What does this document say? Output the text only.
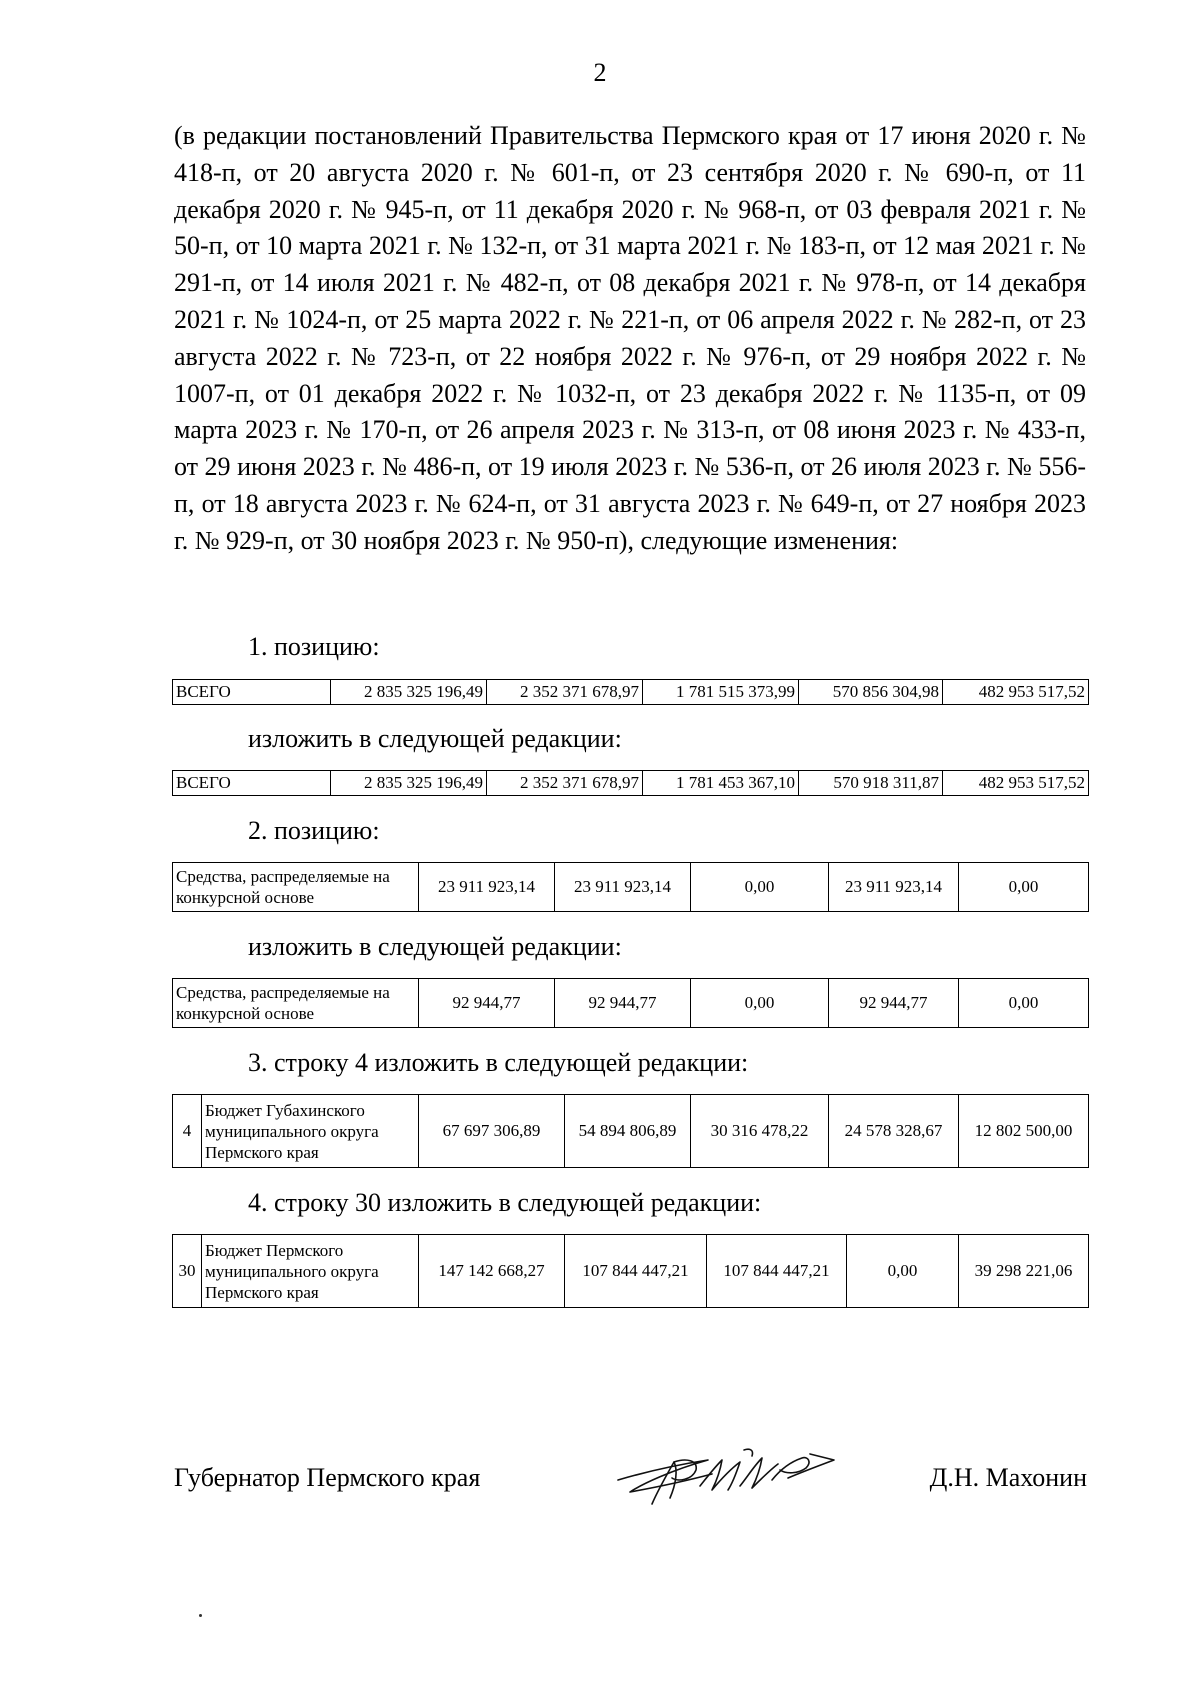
2

(в редакции постановлений Правительства Пермского края от 17 июня 2020 г. № 418-п, от 20 августа 2020 г. № 601-п, от 23 сентября 2020 г. № 690-п, от 11 декабря 2020 г. № 945-п, от 11 декабря 2020 г. № 968-п, от 03 февраля 2021 г. № 50-п, от 10 марта 2021 г. № 132-п, от 31 марта 2021 г. № 183-п, от 12 мая 2021 г. № 291-п, от 14 июля 2021 г. № 482-п, от 08 декабря 2021 г. № 978-п, от 14 декабря 2021 г. № 1024-п, от 25 марта 2022 г. № 221-п, от 06 апреля 2022 г. № 282-п, от 23 августа 2022 г. № 723-п, от 22 ноября 2022 г. № 976-п, от 29 ноября 2022 г. № 1007-п, от 01 декабря 2022 г. № 1032-п, от 23 декабря 2022 г. № 1135-п, от 09 марта 2023 г. № 170-п, от 26 апреля 2023 г. № 313-п, от 08 июня 2023 г. № 433-п, от 29 июня 2023 г. № 486-п, от 19 июля 2023 г. № 536-п, от 26 июля 2023 г. № 556-п, от 18 августа 2023 г. № 624-п, от 31 августа 2023 г. № 649-п, от 27 ноября 2023 г. № 929-п, от 30 ноября 2023 г. № 950-п), следующие изменения:

1. позицию:
ВСЕГО	2 835 325 196,49	2 352 371 678,97	1 781 515 373,99	570 856 304,98	482 953 517,52
изложить в следующей редакции:
ВСЕГО	2 835 325 196,49	2 352 371 678,97	1 781 453 367,10	570 918 311,87	482 953 517,52
2. позицию:
Средства, распределяемые на конкурсной основе	23 911 923,14	23 911 923,14	0,00	23 911 923,14	0,00
изложить в следующей редакции:
Средства, распределяемые на конкурсной основе	92 944,77	92 944,77	0,00	92 944,77	0,00
3. строку 4 изложить в следующей редакции:
4	Бюджет Губахинского муниципального округа Пермского края	67 697 306,89	54 894 806,89	30 316 478,22	24 578 328,67	12 802 500,00
4. строку 30 изложить в следующей редакции:
30	Бюджет Пермского муниципального округа Пермского края	147 142 668,27	107 844 447,21	107 844 447,21	0,00	39 298 221,06
Губернатор Пермского края	Д.Н. Махонин
